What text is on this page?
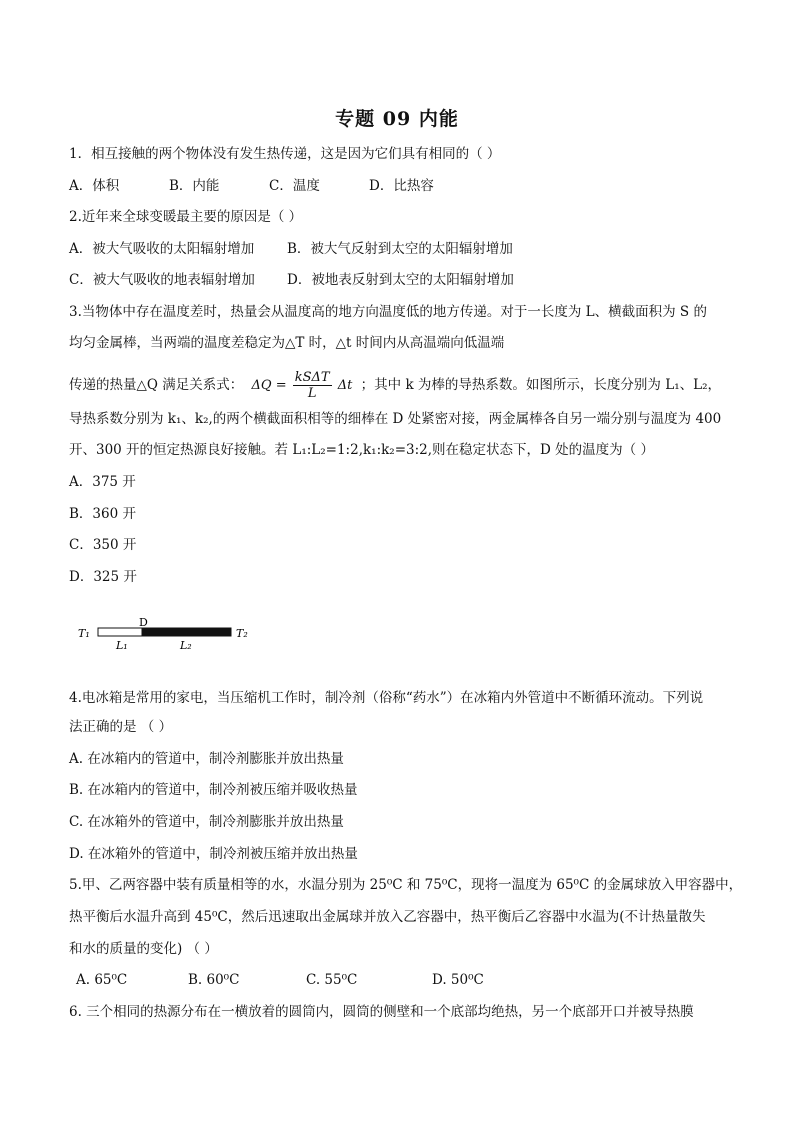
专题 09 内能
1．相互接触的两个物体没有发生热传递，这是因为它们具有相同的（ ）
A．体积	B．内能	C．温度	D．比热容
2.近年来全球变暖最主要的原因是（ ）
A．被大气吸收的太阳辐射增加 B．被大气反射到太空的太阳辐射增加
C．被大气吸收的地表辐射增加 D．被地表反射到太空的太阳辐射增加
3.当物体中存在温度差时，热量会从温度高的地方向温度低的地方传递。对于一长度为 L、横截面积为 S 的
均匀金属棒，当两端的温度差稳定为△T 时，△t 时间内从高温端向低温端
传递的热量△Q 满足关系式： $\Delta Q = \frac{\text{kSΔT}}{L}$ Δt ；其中 k 为棒的导热系数。如图所示，长度分别为 L₁、L₂，
导热系数分别为 k₁、k₂,的两个横截面积相等的细棒在 D 处紧密对接，两金属棒各自另一端分别与温度为 400
开、300 开的恒定热源良好接触。若 L₁:L₂=1:2,k₁:k₂=3:2,则在稳定状态下，D 处的温度为（ ）
A．375 开
B．360 开
C．350 开
D．325 开
T₁
D
T₂
L₁	L₂
4.电冰箱是常用的家电，当压缩机工作时，制冷剂（俗称“药水”）在冰箱内外管道中不断循环流动。下列说
法正确的是 （ ）
A. 在冰箱内的管道中，制冷剂膨胀并放出热量
B. 在冰箱内的管道中，制冷剂被压缩并吸收热量
C. 在冰箱外的管道中，制冷剂膨胀并放出热量
D. 在冰箱外的管道中，制冷剂被压缩并放出热量
5.甲、乙两容器中装有质量相等的水，水温分别为 25⁰C 和 75⁰C，现将一温度为 65⁰C 的金属球放入甲容器中，
热平衡后水温升高到 45⁰C，然后迅速取出金属球并放入乙容器中，热平衡后乙容器中水温为(不计热量散失
和水的质量的变化) （ ）
A. 65⁰C	B. 60⁰C	C. 55⁰C	D. 50⁰C
6. 三个相同的热源分布在一横放着的圆筒内，圆筒的侧壁和一个底部均绝热，另一个底部开口并被导热膜
